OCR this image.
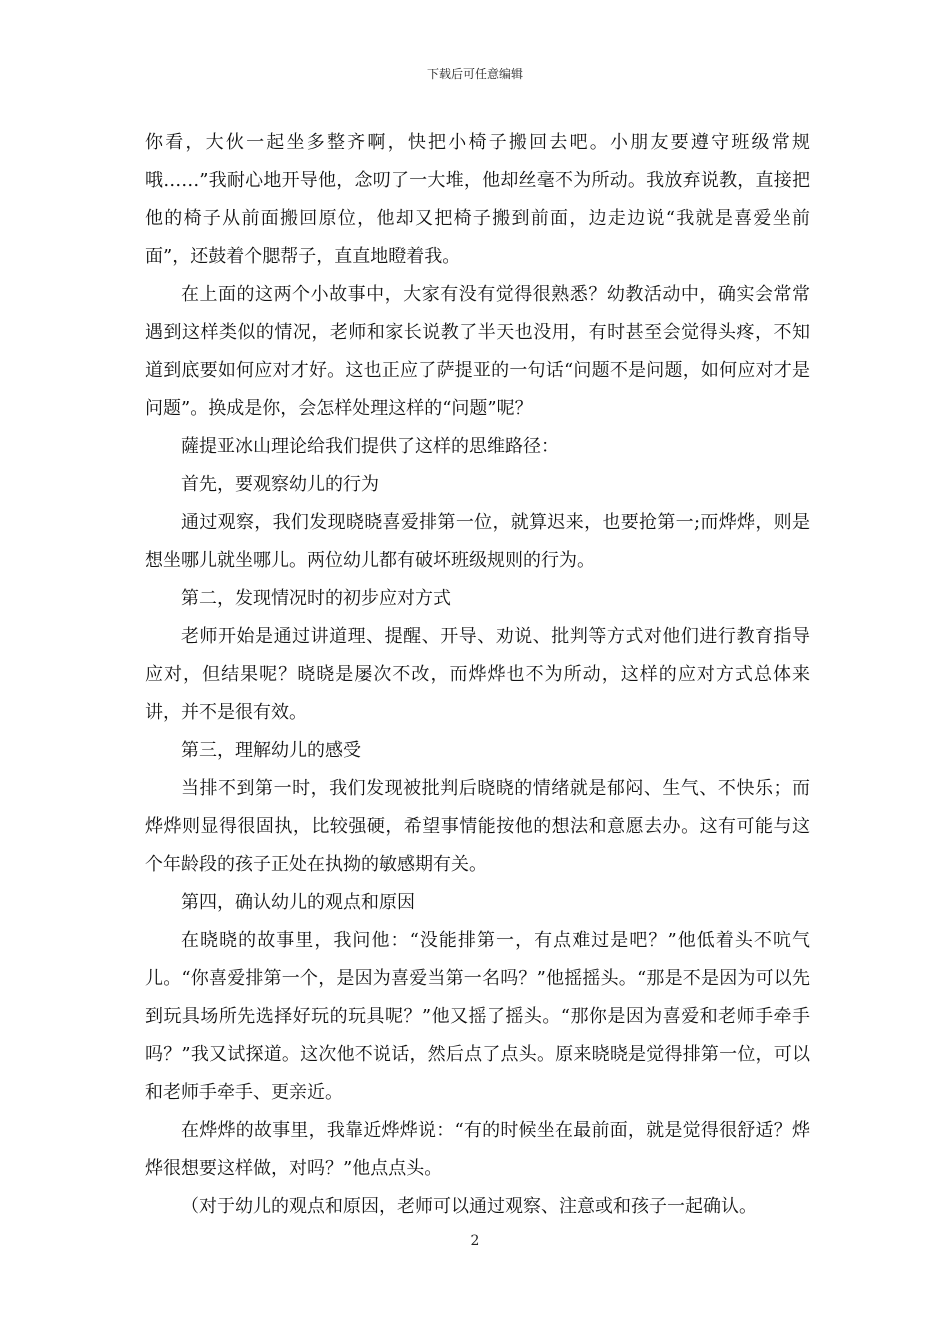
下载后可任意编辑

你看，大伙一起坐多整齐啊，快把小椅子搬回去吧。小朋友要遵守班级常规哦……”我耐心地开导他，念叨了一大堆，他却丝毫不为所动。我放弃说教，直接把他的椅子从前面搬回原位，他却又把椅子搬到前面，边走边说“我就是喜爱坐前面”，还鼓着个腮帮子，直直地瞪着我。

在上面的这两个小故事中，大家有没有觉得很熟悉？幼教活动中，确实会常常遇到这样类似的情况，老师和家长说教了半天也没用，有时甚至会觉得头疼，不知道到底要如何应对才好。这也正应了萨提亚的一句话“问题不是问题，如何应对才是问题”。换成是你，会怎样处理这样的“问题”呢？

薩提亚冰山理论给我们提供了这样的思维路径：

首先，要观察幼儿的行为

通过观察，我们发现晓晓喜爱排第一位，就算迟来，也要抢第一;而烨烨，则是想坐哪儿就坐哪儿。两位幼儿都有破坏班级规则的行为。

第二，发现情况时的初步应对方式

老师开始是通过讲道理、提醒、开导、劝说、批判等方式对他们进行教育指导应对，但结果呢？晓晓是屡次不改，而烨烨也不为所动，这样的应对方式总体来讲，并不是很有效。

第三，理解幼儿的感受

当排不到第一时，我们发现被批判后晓晓的情绪就是郁闷、生气、不快乐；而烨烨则显得很固执，比较强硬，希望事情能按他的想法和意愿去办。这有可能与这个年龄段的孩子正处在执拗的敏感期有关。

第四，确认幼儿的观点和原因

在晓晓的故事里，我问他：“没能排第一，有点难过是吧？”他低着头不吭气儿。“你喜爱排第一个，是因为喜爱当第一名吗？”他摇摇头。“那是不是因为可以先到玩具场所先选择好玩的玩具呢？”他又摇了摇头。“那你是因为喜爱和老师手牵手吗？”我又试探道。这次他不说话，然后点了点头。原来晓晓是觉得排第一位，可以和老师手牵手、更亲近。

在烨烨的故事里，我靠近烨烨说：“有的时候坐在最前面，就是觉得很舒适？烨烨很想要这样做，对吗？”他点点头。

（对于幼儿的观点和原因，老师可以通过观察、注意或和孩子一起确认。

2
